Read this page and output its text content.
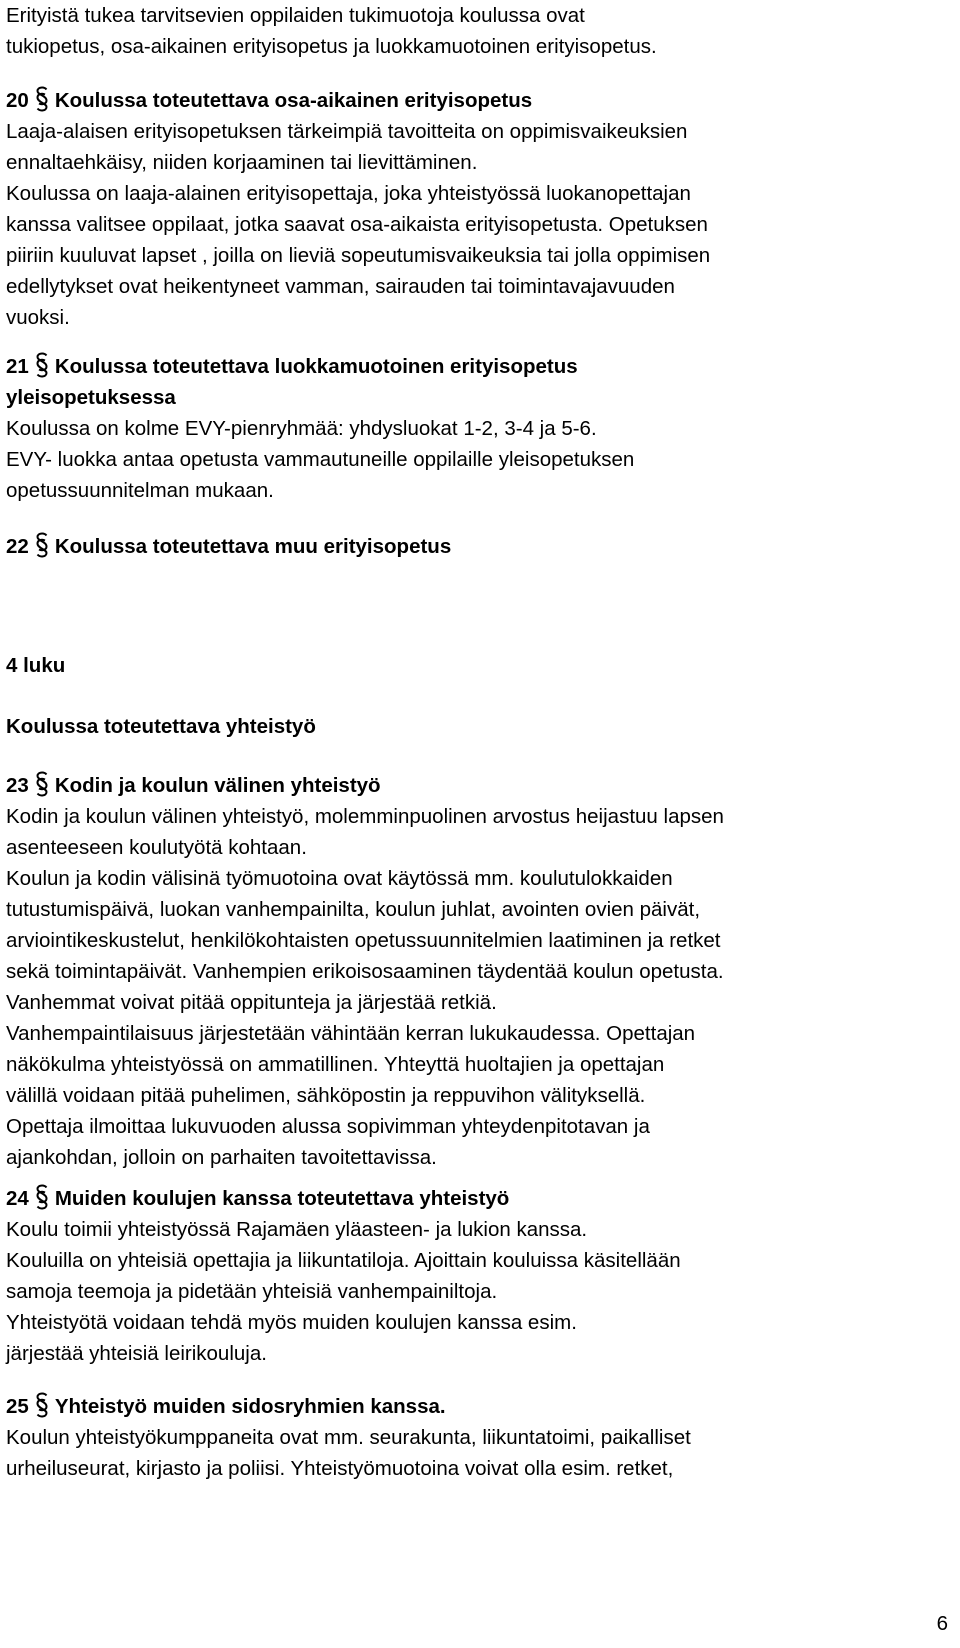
Erityistä tukea tarvitsevien oppilaiden tukimuotoja koulussa ovat
tukiopetus, osa-aikainen erityisopetus ja luokkamuotoinen erityisopetus.
20 Koulussa toteutettava osa-aikainen erityisopetus
Laaja-alaisen erityisopetuksen tärkeimpiä tavoitteita on oppimisvaikeuksien
ennaltaehkäisy, niiden korjaaminen tai lievittäminen.
Koulussa on laaja-alainen erityisopettaja, joka yhteistyössä luokanopettajan
kanssa valitsee oppilaat, jotka saavat osa-aikaista erityisopetusta. Opetuksen
piiriin kuuluvat lapset , joilla on lieviä sopeutumisvaikeuksia tai jolla oppimisen
edellytykset ovat heikentyneet vamman, sairauden tai toimintavajavuuden
vuoksi.
21 Koulussa toteutettava luokkamuotoinen erityisopetus
yleisopetuksessa
Koulussa on kolme EVY-pienryhmää: yhdysluokat 1-2, 3-4 ja 5-6.
EVY- luokka antaa opetusta vammautuneille oppilaille yleisopetuksen
opetussuunnitelman mukaan.
22 Koulussa toteutettava muu erityisopetus
4 luku
Koulussa toteutettava yhteistyö
23 Kodin ja koulun välinen yhteistyö
Kodin ja koulun välinen yhteistyö, molemminpuolinen arvostus heijastuu lapsen
asenteeseen koulutyötä kohtaan.
Koulun ja kodin välisinä työmuotoina ovat käytössä mm. koulutulokkaiden
tutustumispäivä, luokan vanhempainilta, koulun juhlat, avointen ovien päivät,
arviointikeskustelut, henkilökohtaisten opetussuunnitelmien laatiminen ja retket
sekä toimintapäivät. Vanhempien erikoisosaaminen täydentää koulun opetusta.
Vanhemmat voivat pitää oppitunteja ja järjestää retkiä.
Vanhempaintilaisuus järjestetään vähintään kerran lukukaudessa. Opettajan
näkökulma yhteistyössä on ammatillinen. Yhteyttä huoltajien ja opettajan
välillä voidaan pitää puhelimen, sähköpostin ja reppuvihon välityksellä.
Opettaja ilmoittaa lukuvuoden alussa sopivimman yhteydenpitotavan ja
ajankohdan, jolloin on parhaiten tavoitettavissa.
24 Muiden koulujen kanssa toteutettava yhteistyö
Koulu toimii yhteistyössä Rajamäen yläasteen- ja lukion kanssa.
Kouluilla on yhteisiä opettajia ja liikuntatiloja. Ajoittain kouluissa käsitellään
samoja teemoja ja pidetään yhteisiä vanhempainiltoja.
Yhteistyötä voidaan tehdä myös muiden koulujen kanssa esim.
järjestää yhteisiä leirikouluja.
25 Yhteistyö muiden sidosryhmien kanssa.
Koulun yhteistyökumppaneita ovat mm. seurakunta, liikuntatoimi, paikalliset
urheiluseurat, kirjasto ja poliisi. Yhteistyömuotoina voivat olla esim. retket,
6
